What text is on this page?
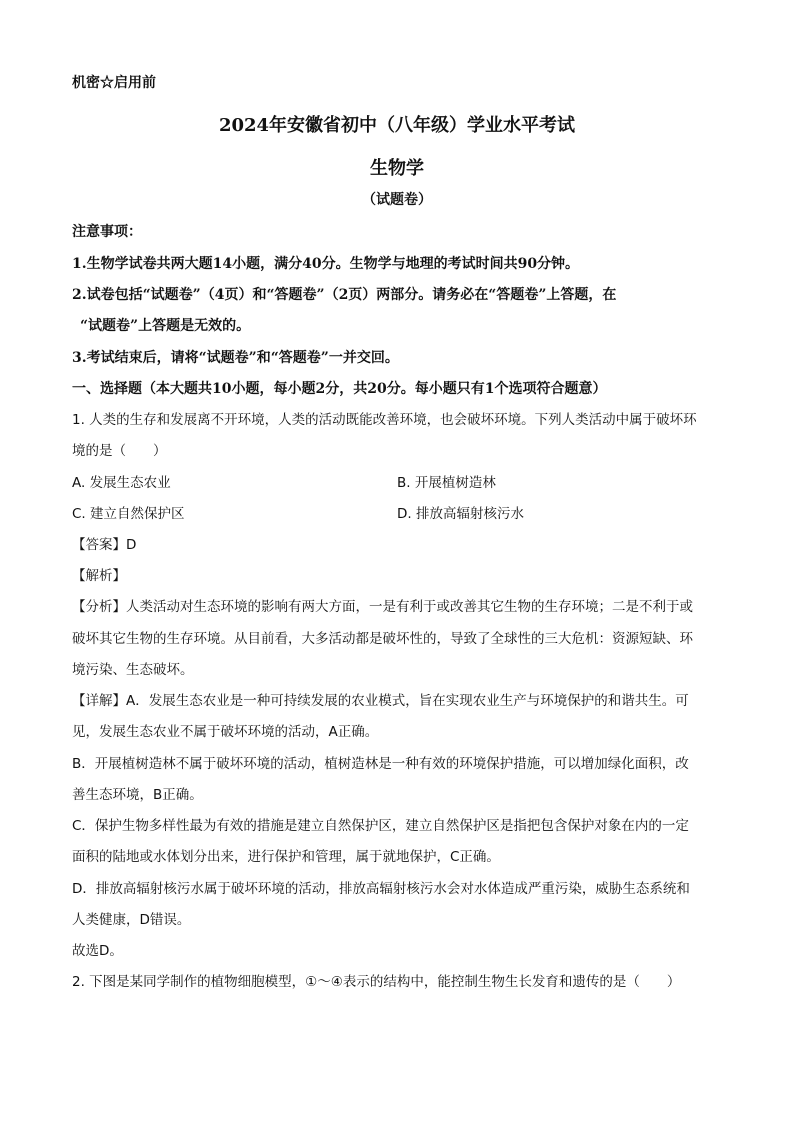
机密☆启用前
2024年安徽省初中（八年级）学业水平考试
生物学
（试题卷）
注意事项：
1.生物学试卷共两大题14小题，满分40分。生物学与地理的考试时间共90分钟。
2.试卷包括“试题卷”（4页）和“答题卷”（2页）两部分。请务必在“答题卷”上答题，在
“试题卷”上答题是无效的。
3.考试结束后，请将“试题卷”和“答题卷”一并交回。
一、选择题（本大题共10小题，每小题2分，共20分。每小题只有1个选项符合题意）
1. 人类的生存和发展离不开环境，人类的活动既能改善环境，也会破坏环境。下列人类活动中属于破坏环
境的是（　　）
A. 发展生态农业	B. 开展植树造林
C. 建立自然保护区	D. 排放高辐射核污水
【答案】D
【解析】
【分析】人类活动对生态环境的影响有两大方面，一是有利于或改善其它生物的生存环境；二是不利于或
破坏其它生物的生存环境。从目前看，大多活动都是破坏性的，导致了全球性的三大危机：资源短缺、环
境污染、生态破坏。
【详解】A．发展生态农业是一种可持续发展的农业模式，旨在实现农业生产与环境保护的和谐共生。可
见，发展生态农业不属于破坏环境的活动，A正确。
B．开展植树造林不属于破坏环境的活动，植树造林是一种有效的环境保护措施，可以增加绿化面积，改
善生态环境，B正确。
C．保护生物多样性最为有效的措施是建立自然保护区，建立自然保护区是指把包含保护对象在内的一定
面积的陆地或水体划分出来，进行保护和管理，属于就地保护，C正确。
D．排放高辐射核污水属于破坏环境的活动，排放高辐射核污水会对水体造成严重污染，威胁生态系统和
人类健康，D错误。
故选D。
2. 下图是某同学制作的植物细胞模型，①～④表示的结构中，能控制生物生长发育和遗传的是（　　）
